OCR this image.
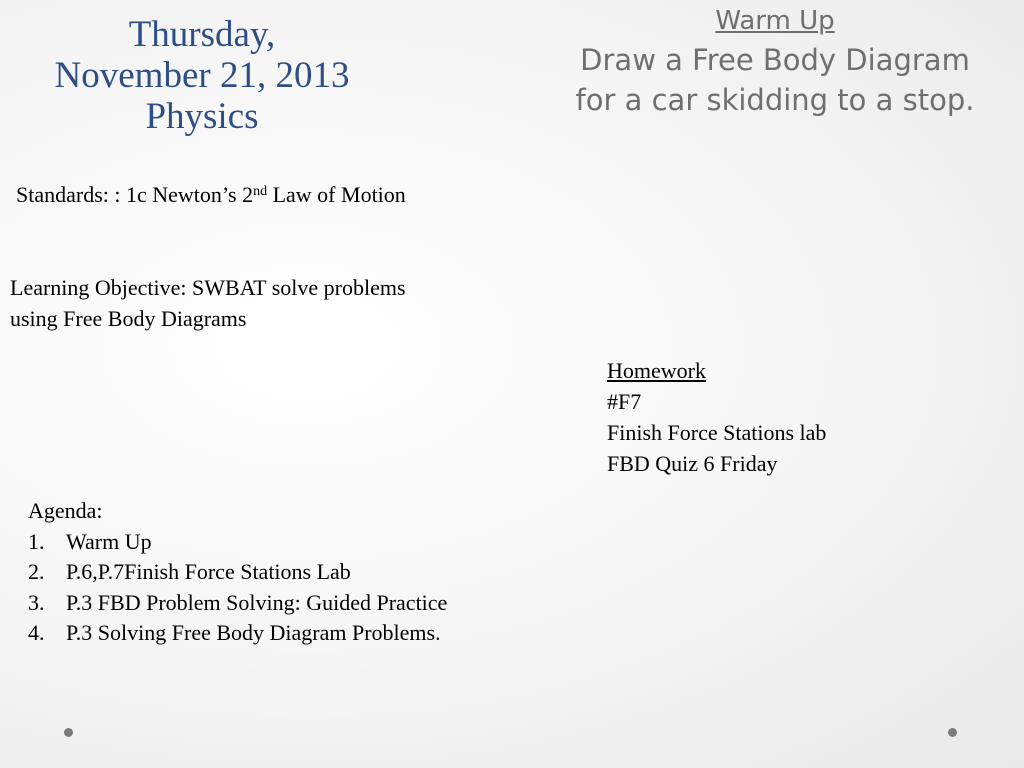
Thursday,
November 21, 2013
Physics
Warm Up
Draw a Free Body Diagram
for a car skidding to a stop.
Standards: : 1c Newton’s 2nd Law of Motion
Learning Objective: SWBAT solve problems
using Free Body Diagrams
Homework
#F7
Finish Force Stations lab
FBD Quiz 6 Friday
Agenda:
1. Warm Up
2. P.6,P.7Finish Force Stations Lab
3. P.3 FBD Problem Solving: Guided Practice
4. P.3 Solving Free Body Diagram Problems.
